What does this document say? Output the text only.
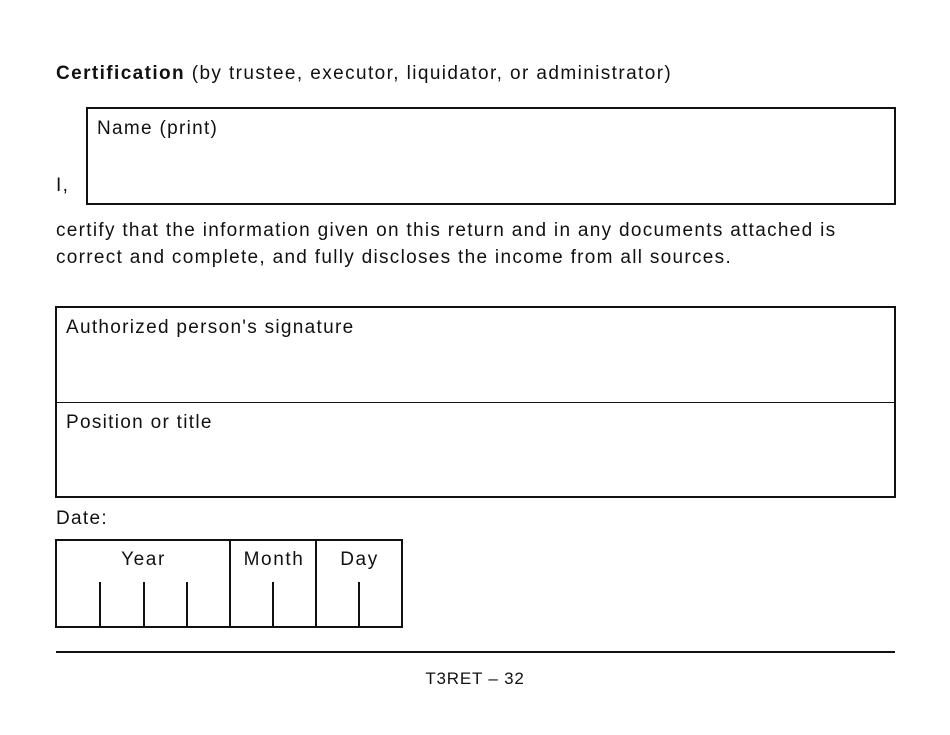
Certification (by trustee, executor, liquidator, or administrator)
I,
Name (print)
certify that the information given on this return and in any documents attached is correct and complete, and fully discloses the income from all sources.
Authorized person's signature
Position or title
Date:
Year	Month	Day
T3RET – 32
